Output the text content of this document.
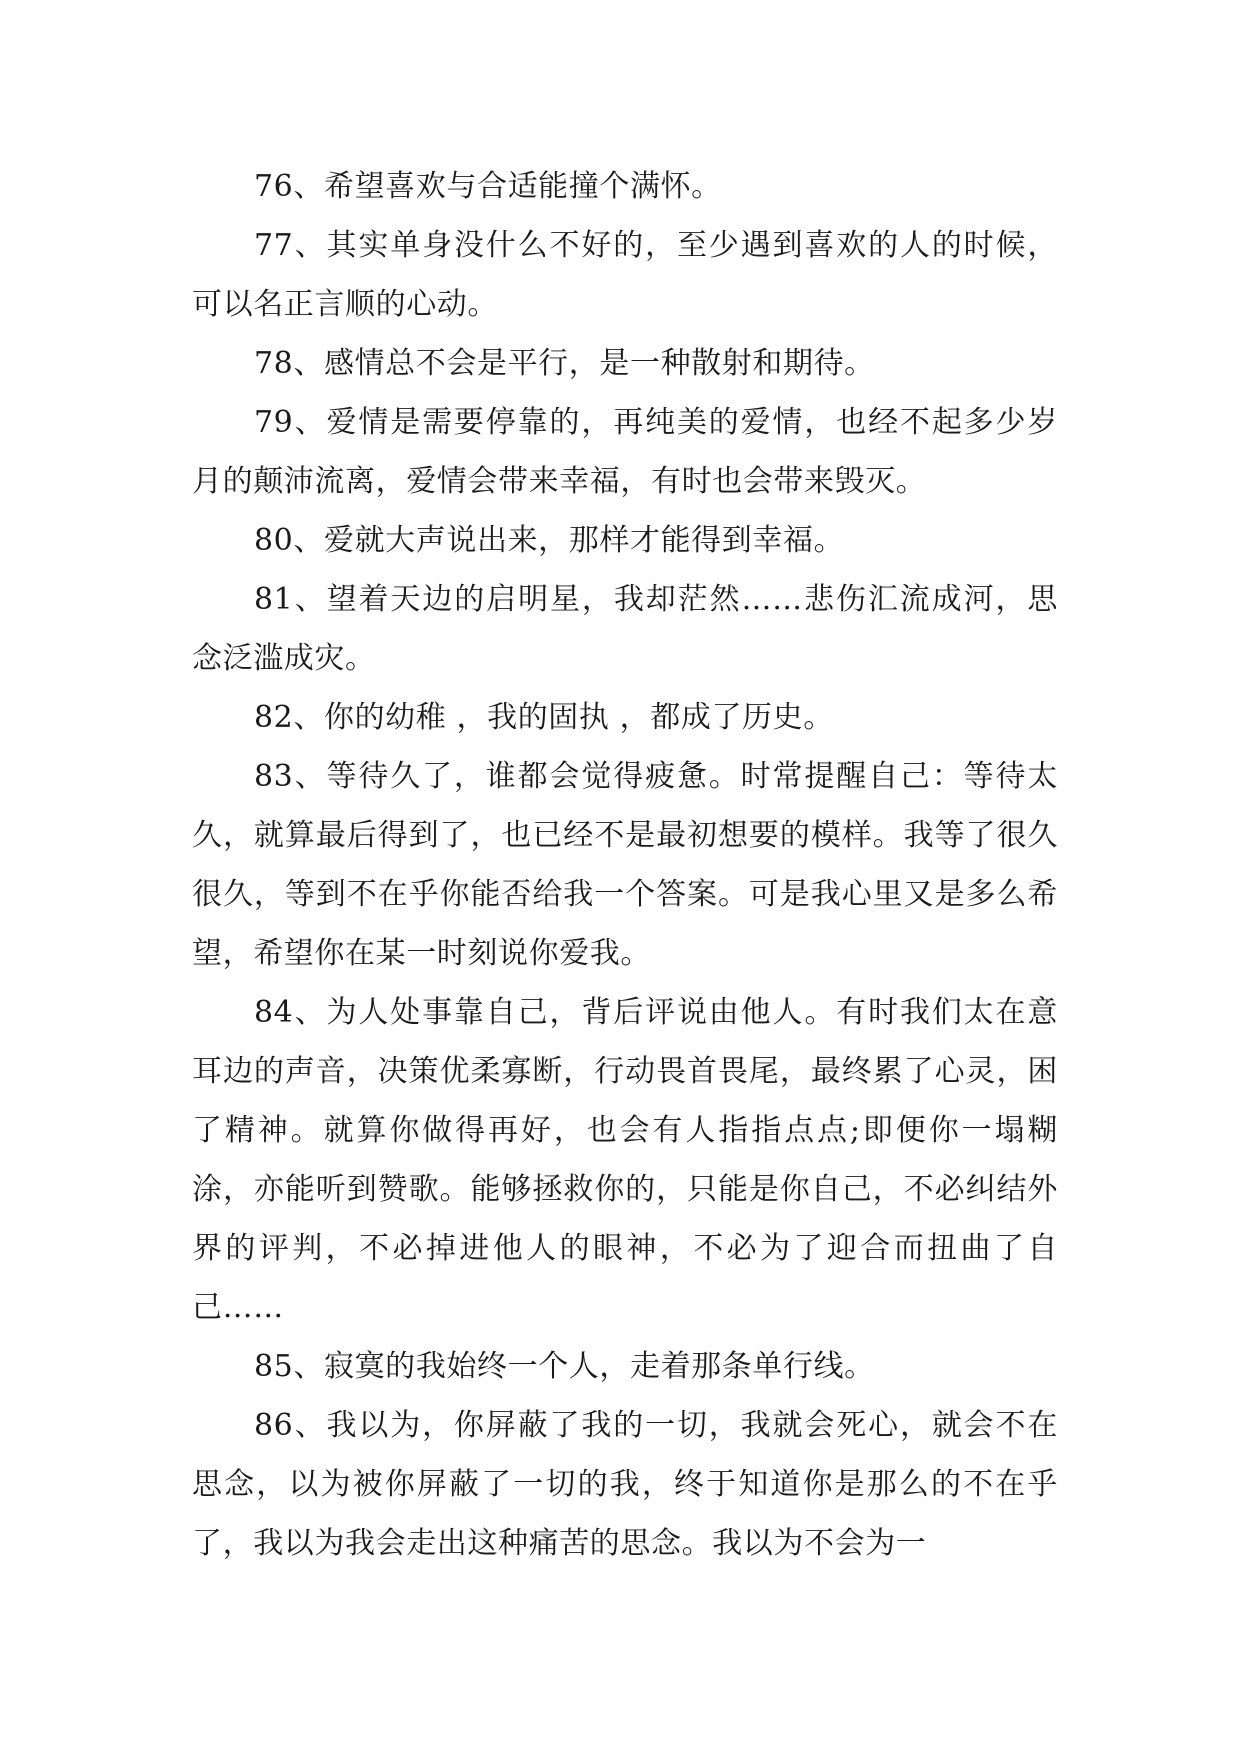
76、希望喜欢与合适能撞个满怀。

77、其实单身没什么不好的，至少遇到喜欢的人的时候，可以名正言顺的心动。

78、感情总不会是平行，是一种散射和期待。

79、爱情是需要停靠的，再纯美的爱情，也经不起多少岁月的颠沛流离，爱情会带来幸福，有时也会带来毁灭。

80、爱就大声说出来，那样才能得到幸福。

81、望着天边的启明星，我却茫然……悲伤汇流成河，思念泛滥成灾。

82、你的幼稚 ，我的固执 ，都成了历史。

83、等待久了，谁都会觉得疲惫。时常提醒自己：等待太久，就算最后得到了，也已经不是最初想要的模样。我等了很久很久，等到不在乎你能否给我一个答案。可是我心里又是多么希望，希望你在某一时刻说你爱我。

84、为人处事靠自己，背后评说由他人。有时我们太在意耳边的声音，决策优柔寡断，行动畏首畏尾，最终累了心灵，困了精神。就算你做得再好，也会有人指指点点;即便你一塌糊涂，亦能听到赞歌。能够拯救你的，只能是你自己，不必纠结外界的评判，不必掉进他人的眼神，不必为了迎合而扭曲了自己……

85、寂寞的我始终一个人，走着那条单行线。

86、我以为，你屏蔽了我的一切，我就会死心，就会不在思念，以为被你屏蔽了一切的我，终于知道你是那么的不在乎了，我以为我会走出这种痛苦的思念。我以为不会为一
